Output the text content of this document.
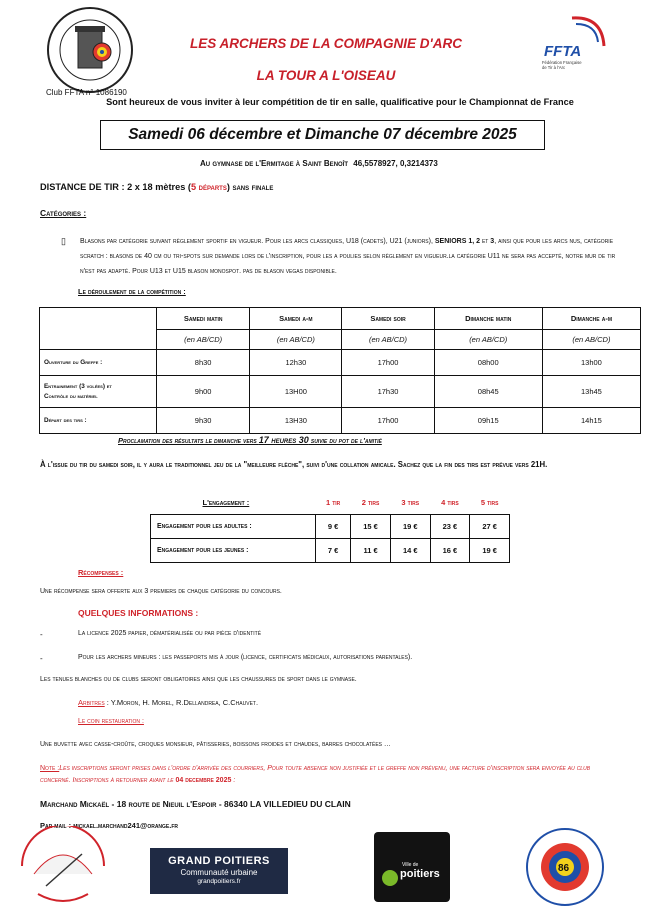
Club FFTA n° 1086190
LES ARCHERS DE LA COMPAGNIE D'ARC
LA TOUR A L'OISEAU
FFTA
Fédération Française
de Tir à l'Arc
Sont heureux de vous inviter à leur compétition de tir en salle, qualificative pour le Championnat de France
Samedi 06 décembre et Dimanche 07 décembre 2025
Au gymnase de l'Ermitage à Saint Benoît 46,5578927, 0,3214373
DISTANCE DE TIR : 2 x 18 mètres (5 départs) sans finale
Catégories :
▯ Blasons par catégorie suivant règlement sportif en vigueur. Pour les arcs classiques, U18 (cadets), U21 (juniors), SENIORS 1, 2 et 3, ainsi que pour les arcs nus, catégorie scratch : blasons de 40 cm ou tri-spots sur demande lors de l'inscription, pour les a poulies selon règlement en vigueur.la catégorie U11 ne sera pas accepté, notre mur de tir n'est pas adapté. Pour U13 et U15 blason monospot. pas de blason vegas disponible.
Le déroulement de la compétition :
	Samedi matin	Samedi a-m	Samedi soir	Dimanche matin	Dimanche a-m
	(en AB/CD)	(en AB/CD)	(en AB/CD)	(en AB/CD)	(en AB/CD)
Ouverture du Greffe :	8h30	12h30	17h00	08h00	13h00

Entrainement (3 volées) et
Contrôle du matériel	9h00	13H00	17h30	08h45	13h45
Départ des tirs :	9h30	13H30	17h00	09h15	14h15
Proclamation des résultats le dimanche vers 17 heures 30 suivie du pot de l'amitié
À l'issue du tir du samedi soir, il y aura le traditionnel jeu de la "meilleure flèche", suivi d'une collation amicale. Sachez que la fin des tirs est prévue vers 21H.
L'engagement :	1 tir	2 tirs	3 tirs	4 tirs	5 tirs
Engagement pour les adultes :	9 €	15 €	19 €	23 €	27 €
Engagement pour les jeunes :	7 €	11 €	14 €	16 €	19 €
Récompenses :
Une récompense sera offerte aux 3 premiers de chaque catégorie du concours.
QUELQUES INFORMATIONS :
-	La licence 2025 papier, dématérialisée ou par pièce d'identité
-	Pour les archers mineurs : les passeports mis à jour (licence, certificats médicaux, autorisations parentales).
Les tenues blanches ou de clubs seront obligatoires ainsi que les chaussures de sport dans le gymnase.
Arbitres : Y.Moron, H. Morel, R.Dellandrea, C.Chauvet.
Le coin restauration :
Une buvette avec casse-croûte, croques monsieur, pâtisseries, boissons froides et chaudes, barres chocolatées …
Note :Les inscriptions seront prises dans l'ordre d'arrivée des courriers, Pour toute absence non justifiée et le greffe non prévenu, une facture d'inscription sera envoyée au club concerné. Inscriptions à retourner avant le 04 decembre 2025 :
Marchand Mickaël - 18 route de Nieuil l'Espoir - 86340 LA VILLEDIEU DU CLAIN
Par mail : mickael.marchand241@orange.fr
GRAND POITIERS
Communauté urbaine
grandpoitiers.fr
poitiers
Ville de	86
